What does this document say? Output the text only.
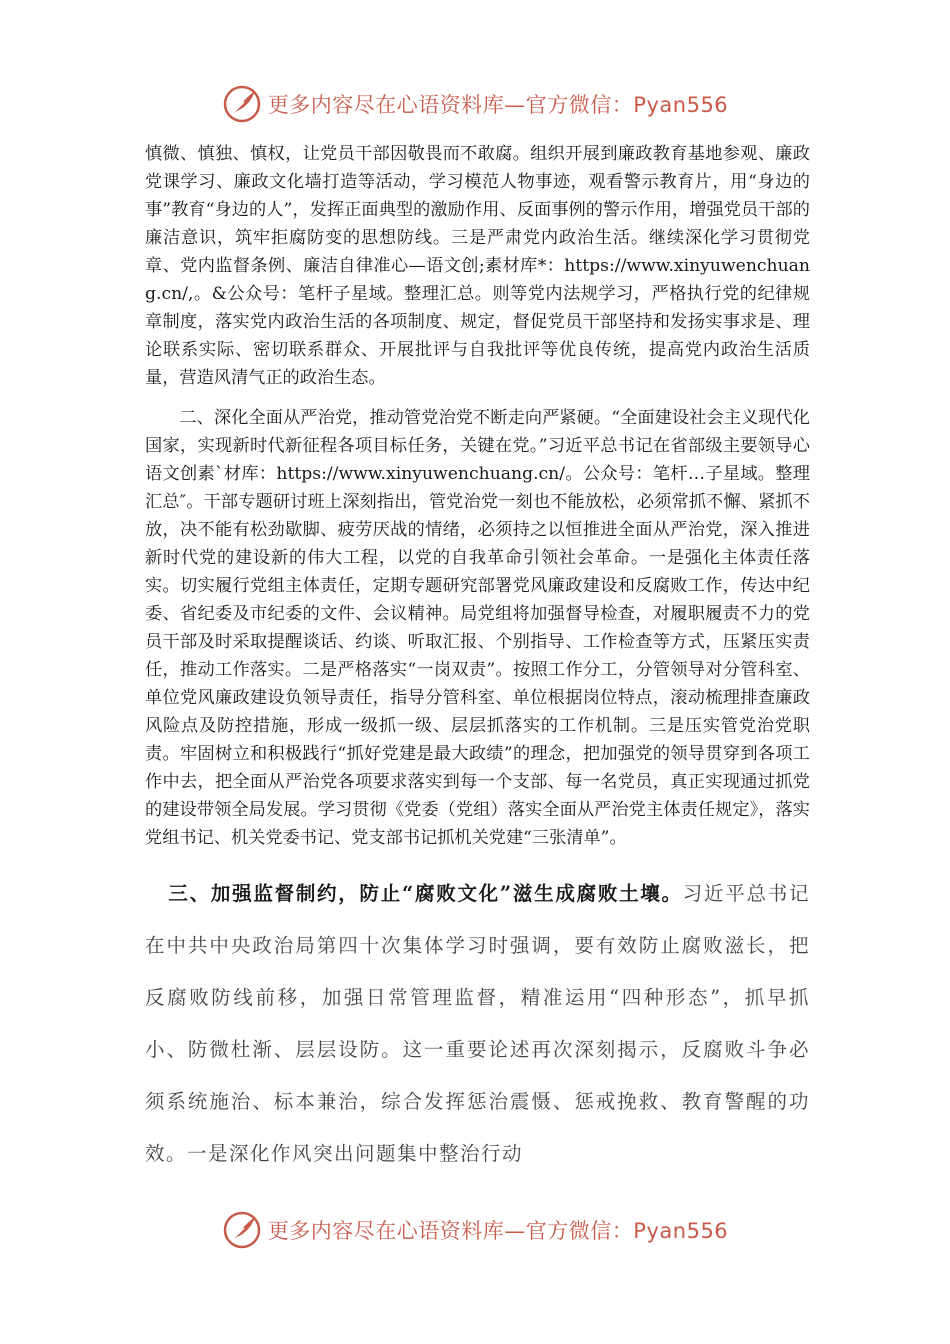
更多内容尽在心语资料库—官方微信：Pyan556

慎微、慎独、慎权，让党员干部因敬畏而不敢腐。组织开展到廉政教育基地参观、廉政党课学习、廉政文化墙打造等活动，学习模范人物事迹，观看警示教育片，用“身边的事”教育“身边的人”，发挥正面典型的激励作用、反面事例的警示作用，增强党员干部的廉洁意识，筑牢拒腐防变的思想防线。三是严肃党内政治生活。继续深化学习贯彻党章、党内监督条例、廉洁自律准心—语文创;素材库*：https://www.xinyuwenchuang.cn/,。&公众号：笔杆子星域。整理汇总。则等党内法规学习，严格执行党的纪律规章制度，落实党内政治生活的各项制度、规定，督促党员干部坚持和发扬实事求是、理论联系实际、密切联系群众、开展批评与自我批评等优良传统，提高党内政治生活质量，营造风清气正的政治生态。

二、深化全面从严治党，推动管党治党不断走向严紧硬。“全面建设社会主义现代化国家，实现新时代新征程各项目标任务，关键在党。”习近平总书记在省部级主要领导心语文创素`材库：https://www.xinyuwenchuang.cn/。公众号：笔杆…子星域。整理汇总″。干部专题研讨班上深刻指出，管党治党一刻也不能放松，必须常抓不懈、紧抓不放，决不能有松劲歇脚、疲劳厌战的情绪，必须持之以恒推进全面从严治党，深入推进新时代党的建设新的伟大工程，以党的自我革命引领社会革命。一是强化主体责任落实。切实履行党组主体责任，定期专题研究部署党风廉政建设和反腐败工作，传达中纪委、省纪委及市纪委的文件、会议精神。局党组将加强督导检查，对履职履责不力的党员干部及时采取提醒谈话、约谈、听取汇报、个别指导、工作检查等方式，压紧压实责任，推动工作落实。二是严格落实“一岗双责”。按照工作分工，分管领导对分管科室、单位党风廉政建设负领导责任，指导分管科室、单位根据岗位特点，滚动梳理排查廉政风险点及防控措施，形成一级抓一级、层层抓落实的工作机制。三是压实管党治党职责。牢固树立和积极践行“抓好党建是最大政绩”的理念，把加强党的领导贯穿到各项工作中去，把全面从严治党各项要求落实到每一个支部、每一名党员，真正实现通过抓党的建设带领全局发展。学习贯彻《党委（党组）落实全面从严治党主体责任规定》，落实党组书记、机关党委书记、党支部书记抓机关党建“三张清单”。

三、加强监督制约，防止“腐败文化”滋生成腐败土壤。习近平总书记在中共中央政治局第四十次集体学习时强调，要有效防止腐败滋长，把反腐败防线前移，加强日常管理监督，精准运用“四种形态”，抓早抓小、防微杜渐、层层设防。这一重要论述再次深刻揭示，反腐败斗争必须系统施治、标本兼治，综合发挥惩治震慑、惩戒挽救、教育警醒的功效。一是深化作风突出问题集中整治行动

更多内容尽在心语资料库—官方微信：Pyan556
